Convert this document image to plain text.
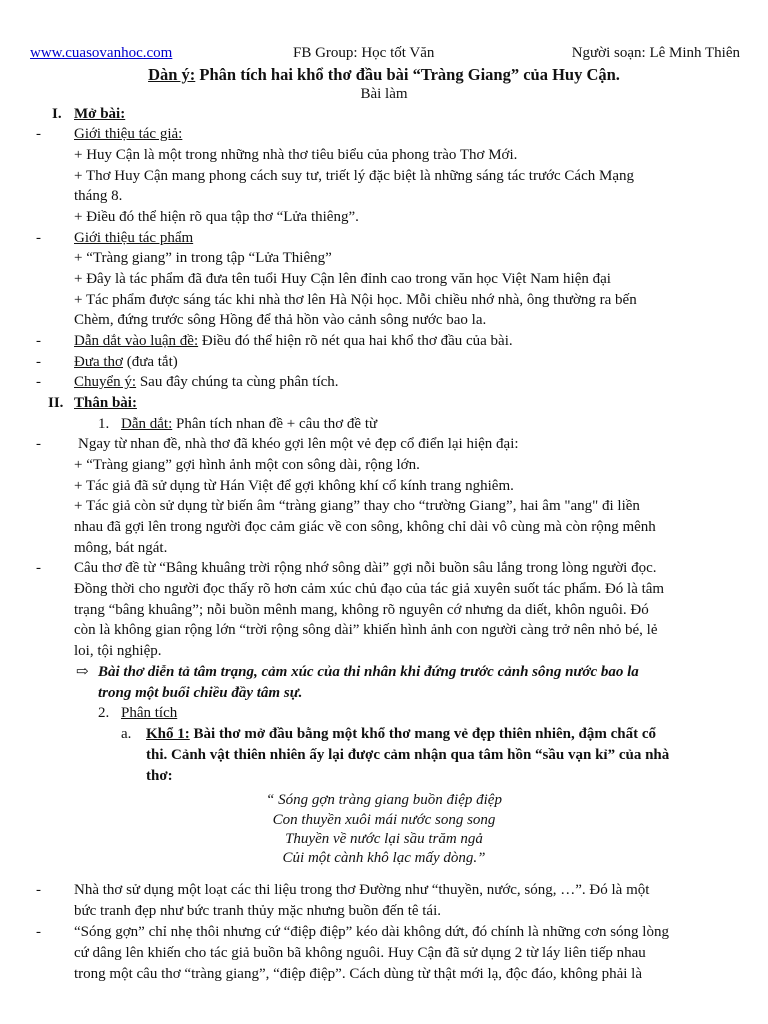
www.cuasovanhoc.com	FB Group: Học tốt Văn	Người soạn: Lê Minh Thiên
Dàn ý: Phân tích hai khổ thơ đầu bài “Tràng Giang” của Huy Cận.
Bài làm
I. Mở bài:
- Giới thiệu tác giả:
+ Huy Cận là một trong những nhà thơ tiêu biểu của phong trào Thơ Mới.
+ Thơ Huy Cận mang phong cách suy tư, triết lý đặc biệt là những sáng tác trước Cách Mạng
tháng 8.
+ Điều đó thể hiện rõ qua tập thơ “Lửa thiêng”.
- Giới thiệu tác phẩm
+ “Tràng giang” in trong tập “Lửa Thiêng”
+ Đây là tác phẩm đã đưa tên tuổi Huy Cận lên đỉnh cao trong văn học Việt Nam hiện đại
+ Tác phẩm được sáng tác khi nhà thơ lên Hà Nội học. Mỗi chiều nhớ nhà, ông thường ra bến
Chèm, đứng trước sông Hồng để thả hồn vào cảnh sông nước bao la.
- Dẫn dắt vào luận đề: Điều đó thể hiện rõ nét qua hai khổ thơ đầu của bài.
- Đưa thơ (đưa tắt)
- Chuyển ý: Sau đây chúng ta cùng phân tích.
II. Thân bài:
1. Dẫn dắt: Phân tích nhan đề + câu thơ đề từ
- Ngay từ nhan đề, nhà thơ đã khéo gợi lên một vẻ đẹp cổ điển lại hiện đại:
+ “Tràng giang” gợi hình ảnh một con sông dài, rộng lớn.
+ Tác giả đã sử dụng từ Hán Việt để gợi không khí cổ kính trang nghiêm.
+ Tác giả còn sử dụng từ biến âm “tràng giang” thay cho “trường Giang”, hai âm "ang" đi liền
nhau đã gợi lên trong người đọc cảm giác về con sông, không chỉ dài vô cùng mà còn rộng mênh
mông, bát ngát.
- Câu thơ đề từ “Bâng khuâng trời rộng nhớ sông dài” gợi nỗi buồn sâu lắng trong lòng người đọc.
Đồng thời cho người đọc thấy rõ hơn cảm xúc chủ đạo của tác giả xuyên suốt tác phẩm. Đó là tâm
trạng “bâng khuâng”; nỗi buồn mênh mang, không rõ nguyên cớ nhưng da diết, khôn nguôi. Đó
còn là không gian rộng lớn “trời rộng sông dài” khiến hình ảnh con người càng trở nên nhỏ bé, lẻ
loi, tội nghiệp.
⇨ Bài thơ diễn tả tâm trạng, cảm xúc của thi nhân khi đứng trước cảnh sông nước bao la
trong một buổi chiều đầy tâm sự.
2. Phân tích
a. Khổ 1: Bài thơ mở đầu bằng một khổ thơ mang vẻ đẹp thiên nhiên, đậm chất cổ
thi. Cảnh vật thiên nhiên ấy lại được cảm nhận qua tâm hồn “sầu vạn kỉ” của nhà
thơ:
“ Sóng gợn tràng giang buồn điệp điệp
Con thuyền xuôi mái nước song song
Thuyền về nước lại sầu trăm ngả
Củi một cành khô lạc mấy dòng.”
- Nhà thơ sử dụng một loạt các thi liệu trong thơ Đường như “thuyền, nước, sóng, …”. Đó là một
bức tranh đẹp như bức tranh thủy mặc nhưng buồn đến tê tái.
- “Sóng gợn” chỉ nhẹ thôi nhưng cứ “điệp điệp” kéo dài không dứt, đó chính là những cơn sóng lòng
cứ dâng lên khiến cho tác giả buồn bã không nguôi. Huy Cận đã sử dụng 2 từ láy liên tiếp nhau
trong một câu thơ “tràng giang”, “điệp điệp”. Cách dùng từ thật mới lạ, độc đáo, không phải là
